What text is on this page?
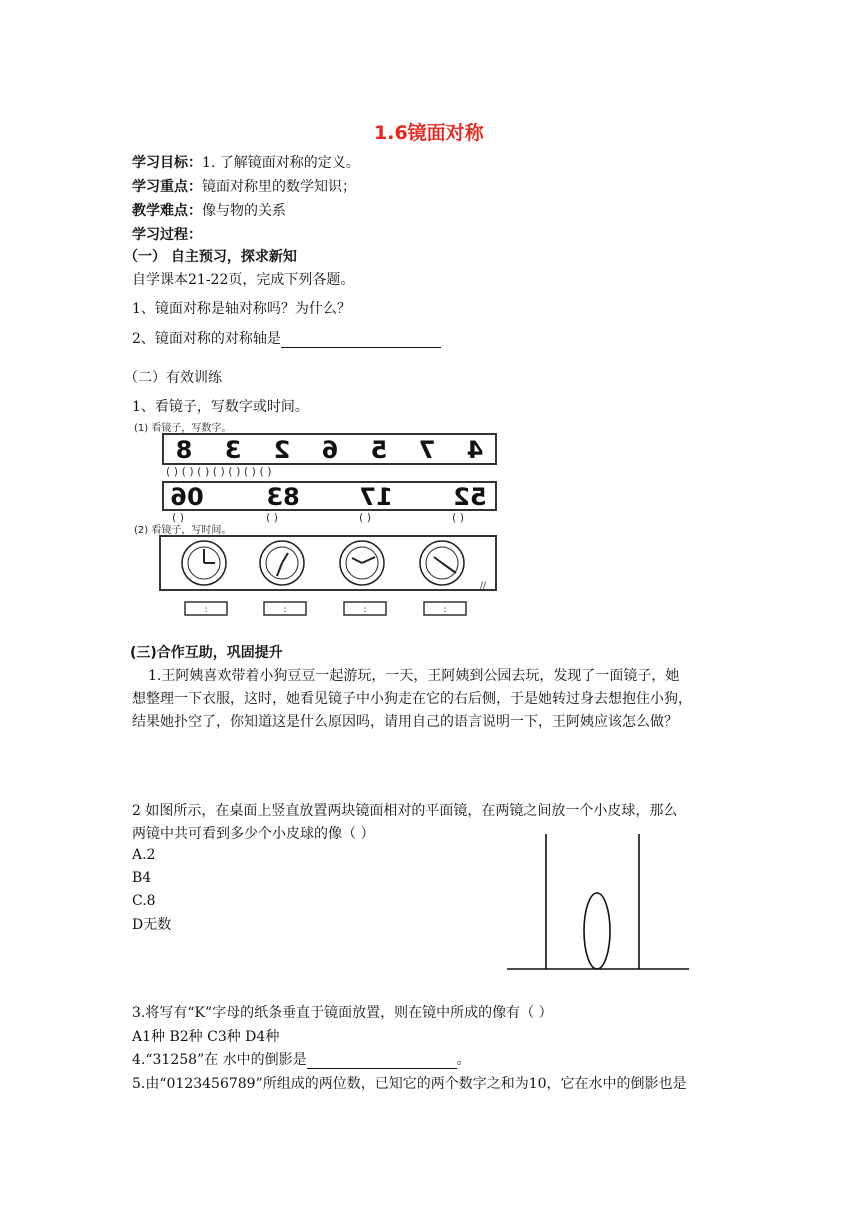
1.6镜面对称
学习目标：1. 了解镜面对称的定义。
学习重点：镜面对称里的数学知识；
教学难点：像与物的关系
学习过程：
（一） 自主预习，探求新知
自学课本21-22页，完成下列各题。
1、镜面对称是轴对称吗？为什么？
2、镜面对称的对称轴是
（二）有效训练
1、看镜子，写数字或时间。
(1) 看镜子，写数字。
8 3 2 6 5 7 4
( ) ( ) ( ) ( ) ( ) ( ) ( )
06	83 17	52
( )	( )	( )	( )
(2) 看镜子，写时间。
//
:	:	:	:
(三)合作互助，巩固提升
1.王阿姨喜欢带着小狗豆豆一起游玩，一天，王阿姨到公园去玩，发现了一面镜子，她
想整理一下衣服，这时，她看见镜子中小狗走在它的右后侧，于是她转过身去想抱住小狗，
结果她扑空了，你知道这是什么原因吗，请用自己的语言说明一下，王阿姨应该怎么做？
2 如图所示，在桌面上竖直放置两块镜面相对的平面镜，在两镜之间放一个小皮球，那么
两镜中共可看到多少个小皮球的像（ ）
A.2
B4
C.8
D无数
3.将写有“K”字母的纸条垂直于镜面放置，则在镜中所成的像有（ ）
A1种 B2种 C3种 D4种
4.“31258”在 水中的倒影是	。
5.由“0123456789”所组成的两位数，已知它的两个数字之和为10，它在水中的倒影也是
